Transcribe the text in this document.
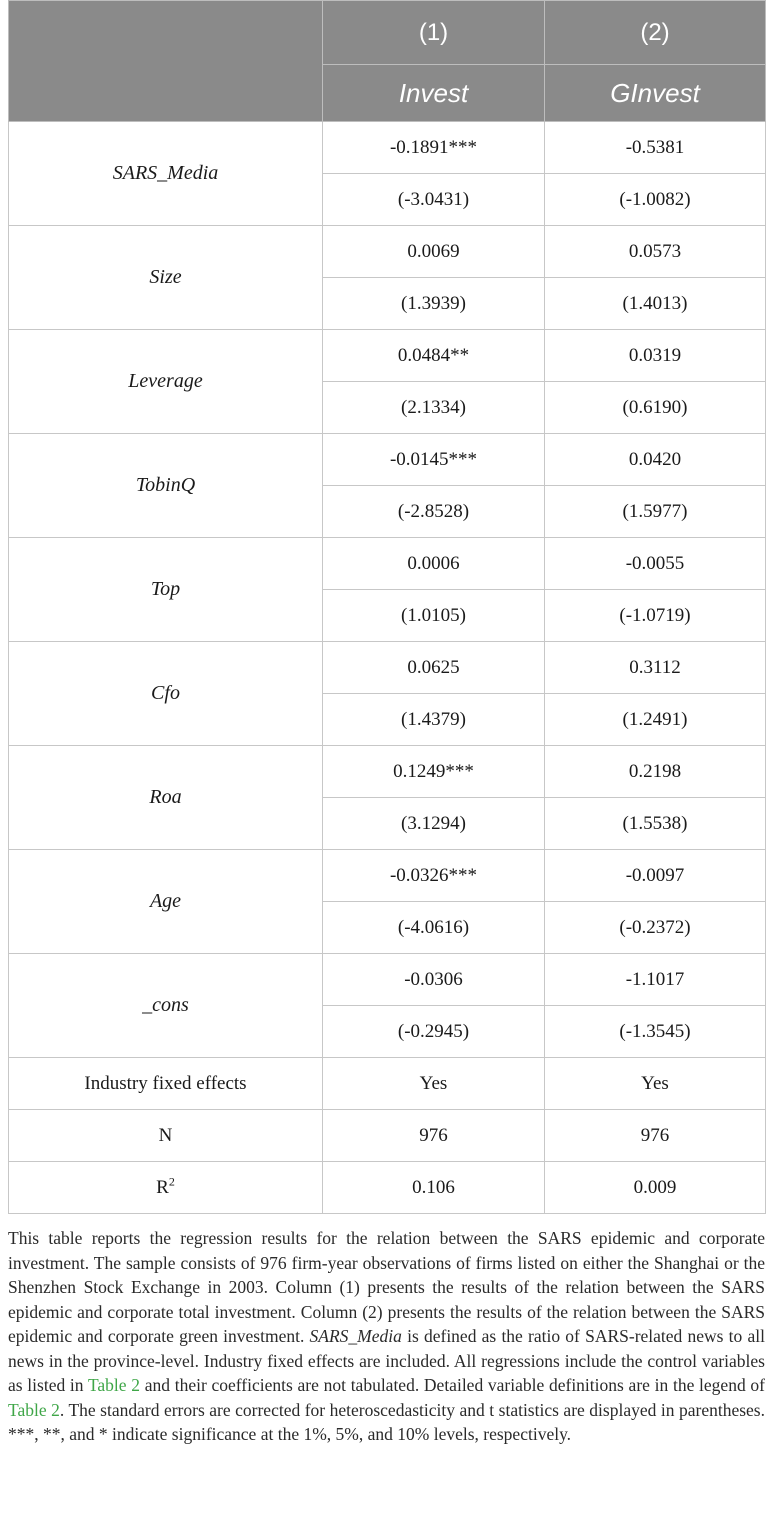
	(1)	(2)
	Invest	GInvest
SARS_Media	-0.1891***	-0.5381
	(-3.0431)	(-1.0082)
Size	0.0069	0.0573
	(1.3939)	(1.4013)
Leverage	0.0484**	0.0319
	(2.1334)	(0.6190)
TobinQ	-0.0145***	0.0420
	(-2.8528)	(1.5977)
Top	0.0006	-0.0055
	(1.0105)	(-1.0719)
Cfo	0.0625	0.3112
	(1.4379)	(1.2491)
Roa	0.1249***	0.2198
	(3.1294)	(1.5538)
Age	-0.0326***	-0.0097
	(-4.0616)	(-0.2372)
_cons	-0.0306	-1.1017
	(-0.2945)	(-1.3545)
Industry fixed effects	Yes	Yes
N	976	976
$R^2$	0.106	0.009
This table reports the regression results for the relation between the SARS epidemic and corporate investment. The sample consists of 976 firm-year observations of firms listed on either the Shanghai or the Shenzhen Stock Exchange in 2003. Column (1) presents the results of the relation between the SARS epidemic and corporate total investment. Column (2) presents the results of the relation between the SARS epidemic and corporate green investment. SARS_Media is defined as the ratio of SARS-related news to all news in the province-level. Industry fixed effects are included. All regressions include the control variables as listed in Table 2 and their coefficients are not tabulated. Detailed variable definitions are in the legend of Table 2. The standard errors are corrected for heteroscedasticity and t statistics are displayed in parentheses. ***, **, and * indicate significance at the 1%, 5%, and 10% levels, respectively.
